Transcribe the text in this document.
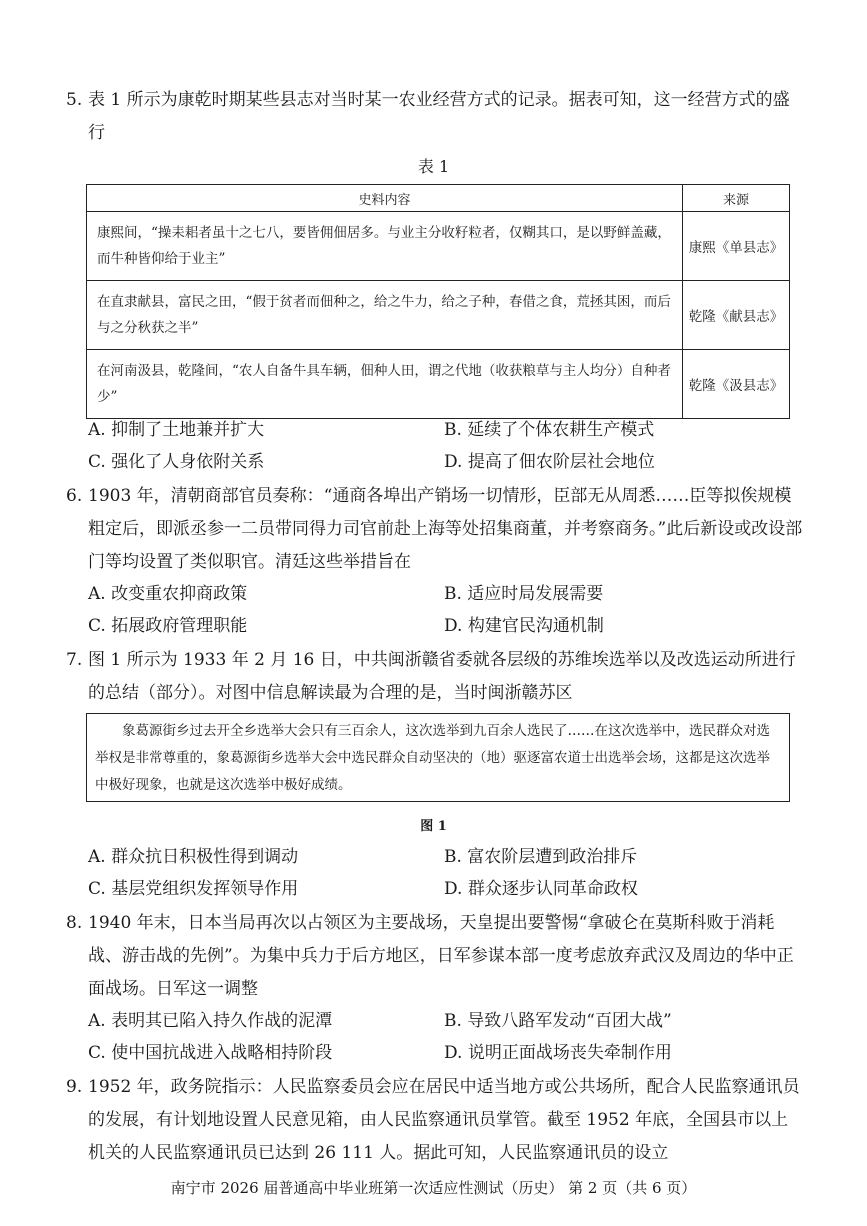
5. 表 1 所示为康乾时期某些县志对当时某一农业经营方式的记录。据表可知，这一经营方式的盛行
表 1
史料内容	来源
康熙间，“操耒耜者虽十之七八，要皆佣佃居多。与业主分收籽粒者，仅糊其口，是以野鲜盖藏，而牛种皆仰给于业主”	康熙《单县志》
在直隶献县，富民之田，“假于贫者而佃种之，给之牛力，给之子种，春借之食，荒拯其困，而后与之分秋获之半”	乾隆《献县志》
在河南汲县，乾隆间，“农人自备牛具车辆，佃种人田，谓之代地（收获粮草与主人均分）自种者少”	乾隆《汲县志》
A. 抑制了土地兼并扩大	B. 延续了个体农耕生产模式
C. 强化了人身依附关系	D. 提高了佃农阶层社会地位
6. 1903 年，清朝商部官员奏称：“通商各埠出产销场一切情形，臣部无从周悉……臣等拟俟规模粗定后，即派丞参一二员带同得力司官前赴上海等处招集商董，并考察商务。”此后新设或改设部门等均设置了类似职官。清廷这些举措旨在
A. 改变重农抑商政策	B. 适应时局发展需要
C. 拓展政府管理职能	D. 构建官民沟通机制
7. 图 1 所示为 1933 年 2 月 16 日，中共闽浙赣省委就各层级的苏维埃选举以及改选运动所进行的总结（部分）。对图中信息解读最为合理的是，当时闽浙赣苏区
象葛源街乡过去开全乡选举大会只有三百余人，这次选举到九百余人选民了……在这次选举中，选民群众对选举权是非常尊重的，象葛源街乡选举大会中选民群众自动坚决的（地）驱逐富农道士出选举会场，这都是这次选举中极好现象，也就是这次选举中极好成绩。
图 1
A. 群众抗日积极性得到调动	B. 富农阶层遭到政治排斥
C. 基层党组织发挥领导作用	D. 群众逐步认同革命政权
8. 1940 年末，日本当局再次以占领区为主要战场，天皇提出要警惕“拿破仑在莫斯科败于消耗战、游击战的先例”。为集中兵力于后方地区，日军参谋本部一度考虑放弃武汉及周边的华中正面战场。日军这一调整
A. 表明其已陷入持久作战的泥潭	B. 导致八路军发动“百团大战”
C. 使中国抗战进入战略相持阶段	D. 说明正面战场丧失牵制作用
9. 1952 年，政务院指示：人民监察委员会应在居民中适当地方或公共场所，配合人民监察通讯员的发展，有计划地设置人民意见箱，由人民监察通讯员掌管。截至 1952 年底，全国县市以上机关的人民监察通讯员已达到 26 111 人。据此可知，人民监察通讯员的设立
南宁市 2026 届普通高中毕业班第一次适应性测试（历史） 第 2 页（共 6 页）
